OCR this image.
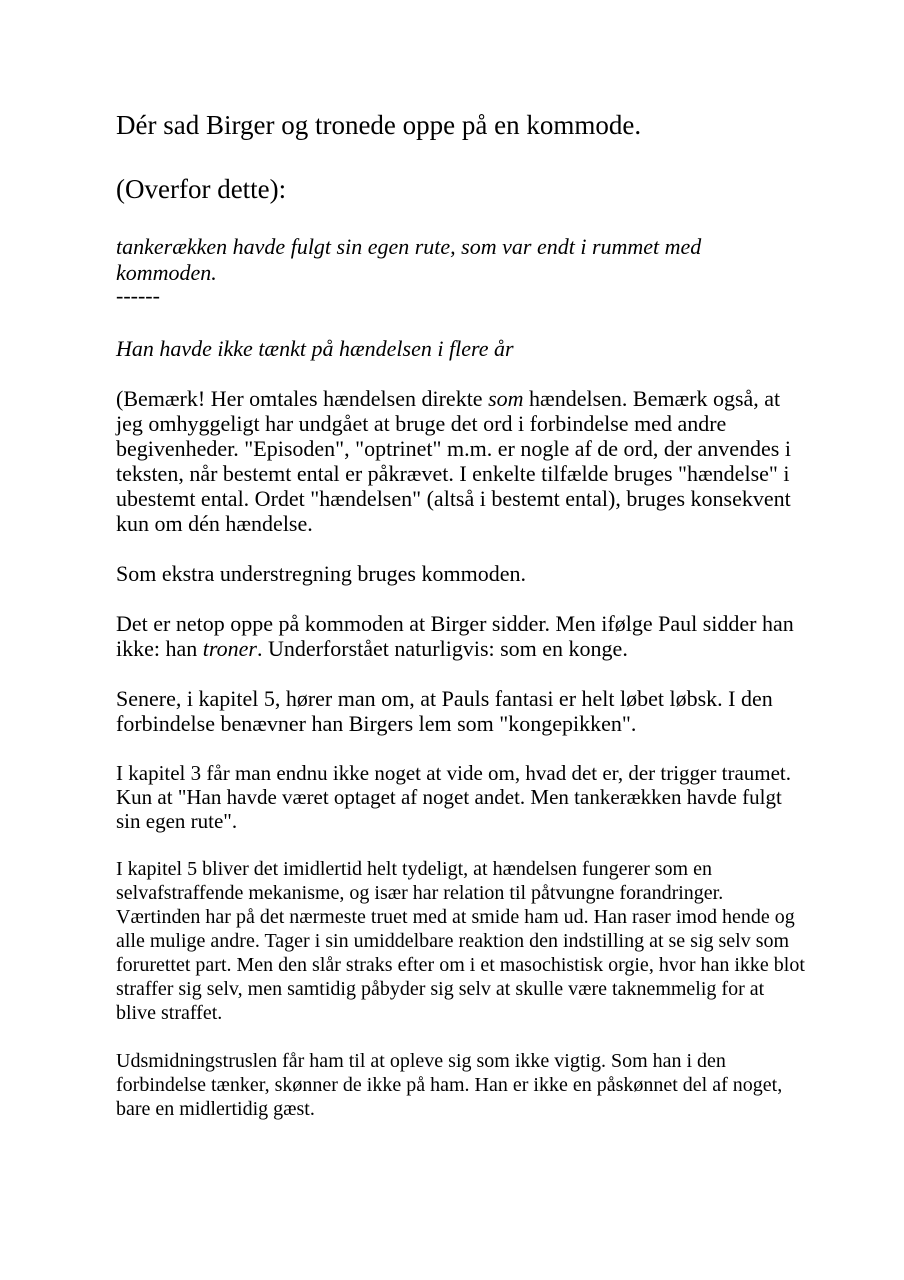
Dér sad Birger og tronede oppe på en kommode.

(Overfor dette):

tankerækken havde fulgt sin egen rute, som var endt i rummet med kommoden.

------

Han havde ikke tænkt på hændelsen i flere år

(Bemærk! Her omtales hændelsen direkte som hændelsen. Bemærk også, at jeg omhyggeligt har undgået at bruge det ord i forbindelse med andre begivenheder. "Episoden", "optrinet" m.m. er nogle af de ord, der anvendes i teksten, når bestemt ental er påkrævet. I enkelte tilfælde bruges "hændelse" i ubestemt ental. Ordet "hændelsen" (altså i bestemt ental), bruges konsekvent kun om dén hændelse.

Som ekstra understregning bruges kommoden.

Det er netop oppe på kommoden at Birger sidder. Men ifølge Paul sidder han ikke: han troner. Underforstået naturligvis: som en konge.

Senere, i kapitel 5, hører man om, at Pauls fantasi er helt løbet løbsk. I den forbindelse benævner han Birgers lem som "kongepikken".

I kapitel 3 får man endnu ikke noget at vide om, hvad det er, der trigger traumet. Kun at "Han havde været optaget af noget andet. Men tankerækken havde fulgt sin egen rute".

I kapitel 5 bliver det imidlertid helt tydeligt, at hændelsen fungerer som en selvafstraffende mekanisme, og især har relation til påtvungne forandringer. Værtinden har på det nærmeste truet med at smide ham ud. Han raser imod hende og alle mulige andre. Tager i sin umiddelbare reaktion den indstilling at se sig selv som forurettet part. Men den slår straks efter om i et masochistisk orgie, hvor han ikke blot straffer sig selv, men samtidig påbyder sig selv at skulle være taknemmelig for at blive straffet.

Udsmidningstruslen får ham til at opleve sig som ikke vigtig. Som han i den forbindelse tænker, skønner de ikke på ham. Han er ikke en påskønnet del af noget, bare en midlertidig gæst.
